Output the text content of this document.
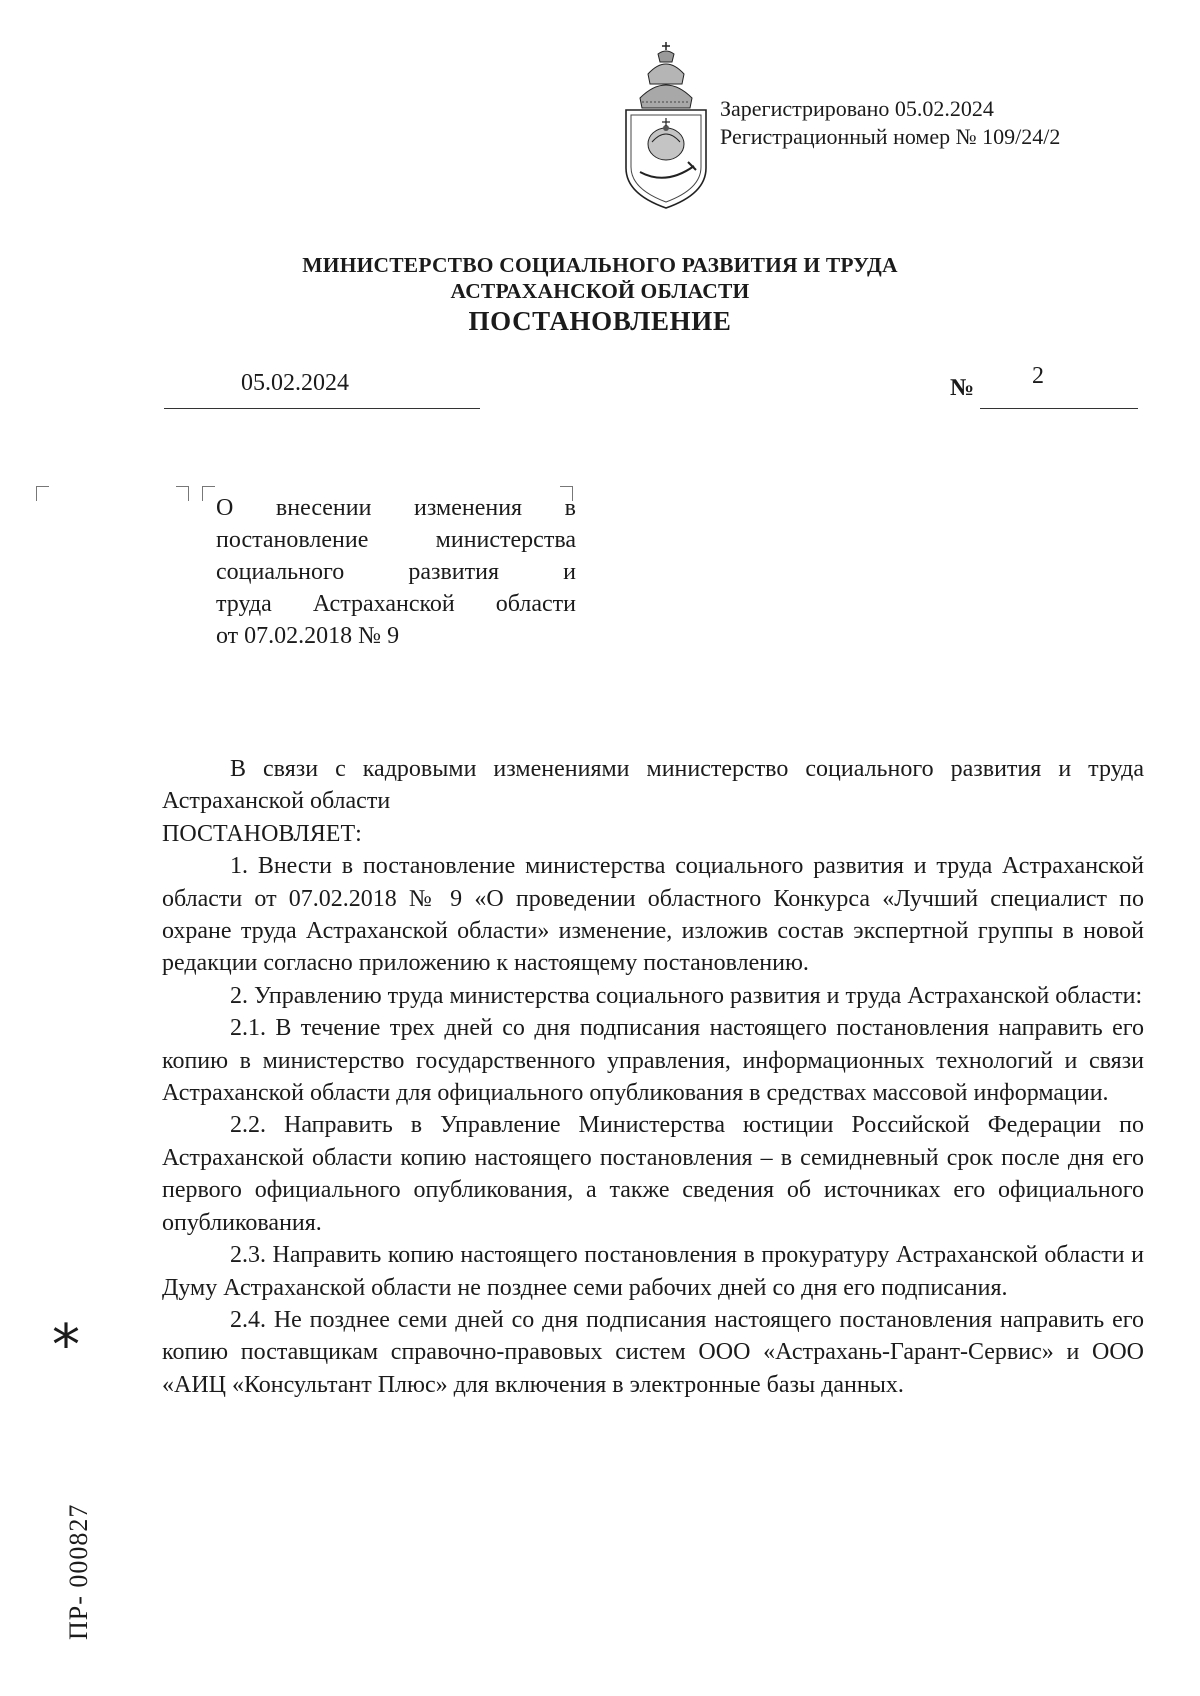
Зарегистрировано 05.02.2024
Регистрационный номер № 109/24/2
МИНИСТЕРСТВО СОЦИАЛЬНОГО РАЗВИТИЯ И ТРУДА
АСТРАХАНСКОЙ ОБЛАСТИ
ПОСТАНОВЛЕНИЕ
05.02.2024	№ 2
О внесении изменения в
постановление министерства
социального развития и
труда Астраханской области
от 07.02.2018 № 9

В связи с кадровыми изменениями министерство социального развития и труда Астраханской области

ПОСТАНОВЛЯЕТ:

1. Внести в постановление министерства социального развития и труда Астраханской области от 07.02.2018 № 9 «О проведении областного Конкурса «Лучший специалист по охране труда Астраханской области» изменение, изложив состав экспертной группы в новой редакции согласно приложению к настоящему постановлению.

2. Управлению труда министерства социального развития и труда Астраханской области:

2.1. В течение трех дней со дня подписания настоящего постановления направить его копию в министерство государственного управления, информационных технологий и связи Астраханской области для официального опубликования в средствах массовой информации.

2.2. Направить в Управление Министерства юстиции Российской Федерации по Астраханской области копию настоящего постановления – в семидневный срок после дня его первого официального опубликования, а также сведения об источниках его официального опубликования.

2.3. Направить копию настоящего постановления в прокуратуру Астраханской области и Думу Астраханской области не позднее семи рабочих дней со дня его подписания.

2.4. Не позднее семи дней со дня подписания настоящего постановления направить его копию поставщикам справочно-правовых систем ООО «Астрахань-Гарант-Сервис» и ООО «АИЦ «Консультант Плюс» для включения в электронные базы данных.

*
ПР- 000827
